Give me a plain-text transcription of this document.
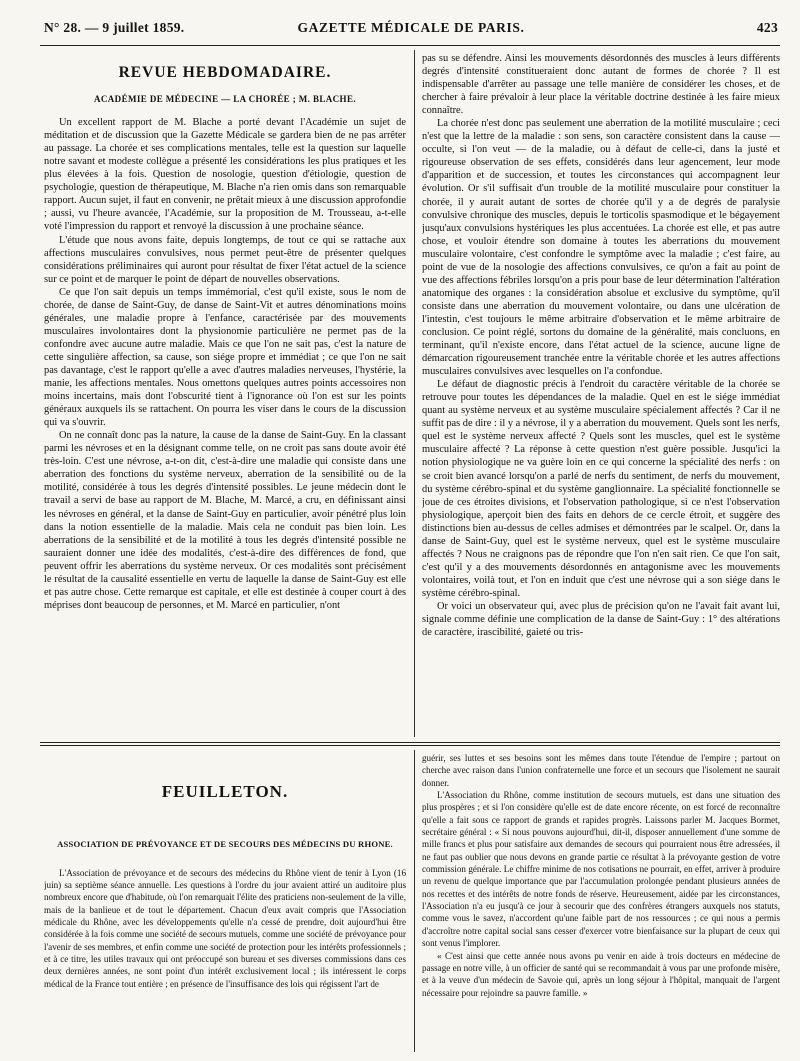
N° 28. — 9 juillet 1859.	GAZETTE MÉDICALE DE PARIS.	423
REVUE HEBDOMADAIRE.
ACADÉMIE DE MÉDECINE — LA CHORÉE ; M. BLACHE.

Un excellent rapport de M. Blache a porté devant l'Académie un sujet de méditation et de discussion que la Gazette Médicale se gardera bien de ne pas arrêter au passage. La chorée et ses complications mentales, telle est la question sur laquelle notre savant et modeste collègue a présenté les considérations les plus pratiques et les plus élevées à la fois. Question de nosologie, question d'étiologie, question de psychologie, question de thérapeutique, M. Blache n'a rien omis dans son remarquable rapport. Aucun sujet, il faut en convenir, ne prêtait mieux à une discussion approfondie ; aussi, vu l'heure avancée, l'Académie, sur la proposition de M. Trousseau, a-t-elle voté l'impression du rapport et renvoyé la discussion à une prochaine séance.

L'étude que nous avons faite, depuis longtemps, de tout ce qui se rattache aux affections musculaires convulsives, nous permet peut-être de présenter quelques considérations préliminaires qui auront pour résultat de fixer l'état actuel de la science sur ce point et de marquer le point de départ de nouvelles observations.

Ce que l'on sait depuis un temps immémorial, c'est qu'il existe, sous le nom de chorée, de danse de Saint-Guy, de danse de Saint-Vit et autres dénominations moins générales, une maladie propre à l'enfance, caractérisée par des mouvements musculaires involontaires dont la physionomie particulière ne permet pas de la confondre avec aucune autre maladie. Mais ce que l'on ne sait pas, c'est la nature de cette singulière affection, sa cause, son siége propre et immédiat ; ce que l'on ne sait pas davantage, c'est le rapport qu'elle a avec d'autres maladies nerveuses, l'hystérie, la manie, les affections mentales. Nous omettons quelques autres points accessoires non moins incertains, mais dont l'obscurité tient à l'ignorance où l'on est sur les points généraux auxquels ils se rattachent. On pourra les viser dans le cours de la discussion qui va s'ouvrir.

On ne connaît donc pas la nature, la cause de la danse de Saint-Guy. En la classant parmi les névroses et en la désignant comme telle, on ne croit pas sans doute avoir été très-loin. C'est une névrose, a-t-on dit, c'est-à-dire une maladie qui consiste dans une aberration des fonctions du système nerveux, aberration de la sensibilité ou de la motilité, considérée à tous les degrés d'intensité possibles. Le jeune médecin dont le travail a servi de base au rapport de M. Blache, M. Marcé, a cru, en définissant ainsi les névroses en général, et la danse de Saint-Guy en particulier, avoir pénétré plus loin dans la notion essentielle de la maladie. Mais cela ne conduit pas bien loin. Les aberrations de la sensibilité et de la motilité à tous les degrés d'intensité possible ne sauraient donner une idée des modalités, c'est-à-dire des différences de fond, que peuvent offrir les aberrations du système nerveux. Or ces modalités sont précisément le résultat de la causalité essentielle en vertu de laquelle la danse de Saint-Guy est elle et pas autre chose. Cette remarque est capitale, et elle est destinée à couper court à des méprises dont beaucoup de personnes, et M. Marcé en particulier, n'ont

pas su se défendre. Ainsi les mouvements désordonnés des muscles à leurs différents degrés d'intensité constitueraient donc autant de formes de chorée ? Il est indispensable d'arrêter au passage une telle manière de considérer les choses, et de chercher à faire prévaloir à leur place la véritable doctrine destinée à les faire mieux connaître.

La chorée n'est donc pas seulement une aberration de la motilité musculaire ; ceci n'est que la lettre de la maladie : son sens, son caractère consistent dans la cause — occulte, si l'on veut — de la maladie, ou à défaut de celle-ci, dans la justé et rigoureuse observation de ses effets, considérés dans leur agencement, leur mode d'apparition et de succession, et toutes les circonstances qui accompagnent leur évolution. Or s'il suffisait d'un trouble de la motilité musculaire pour constituer la chorée, il y aurait autant de sortes de chorée qu'il y a de degrés de paralysie convulsive chronique des muscles, depuis le torticolis spasmodique et le bégayement jusqu'aux convulsions hystériques les plus accentuées. La chorée est elle, et pas autre chose, et vouloir étendre son domaine à toutes les aberrations du mouvement musculaire volontaire, c'est confondre le symptôme avec la maladie ; c'est faire, au point de vue de la nosologie des affections convulsives, ce qu'on a fait au point de vue des affections fébriles lorsqu'on a pris pour base de leur détermination l'altération anatomique des organes : la considération absolue et exclusive du symptôme, qu'il consiste dans une aberration du mouvement volontaire, ou dans une ulcération de l'intestin, c'est toujours le même arbitraire d'observation et le même arbitraire de conclusion. Ce point réglé, sortons du domaine de la généralité, mais concluons, en terminant, qu'il n'existe encore, dans l'état actuel de la science, aucune ligne de démarcation rigoureusement tranchée entre la véritable chorée et les autres affections musculaires convulsives avec lesquelles on l'a confondue.

Le défaut de diagnostic précis à l'endroit du caractère véritable de la chorée se retrouve pour toutes les dépendances de la maladie. Quel en est le siége immédiat quant au système nerveux et au système musculaire spécialement affectés ? Car il ne suffit pas de dire : il y a névrose, il y a aberration du mouvement. Quels sont les nerfs, quel est le système nerveux affecté ? Quels sont les muscles, quel est le système musculaire affecté ? La réponse à cette question n'est guère possible. Jusqu'ici la notion physiologique ne va guère loin en ce qui concerne la spécialité des nerfs : on se croit bien avancé lorsqu'on a parlé de nerfs du sentiment, de nerfs du mouvement, du système cérébro-spinal et du système ganglionnaire. La spécialité fonctionnelle se joue de ces étroites divisions, et l'observation pathologique, si ce n'est l'observation physiologique, aperçoit bien des faits en dehors de ce cercle étroit, et suggère des distinctions bien au-dessus de celles admises et démontrées par le scalpel. Or, dans la danse de Saint-Guy, quel est le système nerveux, quel est le système musculaire affectés ? Nous ne craignons pas de répondre que l'on n'en sait rien. Ce que l'on sait, c'est qu'il y a des mouvements désordonnés en antagonisme avec les mouvements volontaires, voilà tout, et l'on en induit que c'est une névrose qui a son siége dans le système cérébro-spinal.

Or voici un observateur qui, avec plus de précision qu'on ne l'avait fait avant lui, signale comme définie une complication de la danse de Saint-Guy : 1° des altérations de caractère, irascibilité, gaieté ou tris-

FEUILLETON.
ASSOCIATION DE PRÉVOYANCE ET DE SECOURS DES MÉDECINS DU RHONE.

L'Association de prévoyance et de secours des médecins du Rhône vient de tenir à Lyon (16 juin) sa septième séance annuelle. Les questions à l'ordre du jour avaient attiré un auditoire plus nombreux encore que d'habitude, où l'on remarquait l'élite des praticiens non-seulement de la ville, mais de la banlieue et de tout le département. Chacun d'eux avait compris que l'Association médicale du Rhône, avec les développements qu'elle n'a cessé de prendre, doit aujourd'hui être considérée à la fois comme une société de secours mutuels, comme une société de prévoyance pour l'avenir de ses membres, et enfin comme une société de protection pour les intérêts professionnels ; et à ce titre, les utiles travaux qui ont préoccupé son bureau et ses diverses commissions dans ces deux dernières années, ne sont point d'un intérêt exclusivement local ; ils intéressent le corps médical de la France tout entière ; en présence de l'insuffisance des lois qui régissent l'art de

guérir, ses luttes et ses besoins sont les mêmes dans toute l'étendue de l'empire ; partout on cherche avec raison dans l'union confraternelle une force et un secours que l'isolement ne saurait donner.

L'Association du Rhône, comme institution de secours mutuels, est dans une situation des plus prospères ; et si l'on considère qu'elle est de date encore récente, on est forcé de reconnaître qu'elle a fait sous ce rapport de grands et rapides progrès. Laissons parler M. Jacques Bormet, secrétaire général : « Si nous pouvons aujourd'hui, dit-il, disposer annuellement d'une somme de mille francs et plus pour satisfaire aux demandes de secours qui pourraient nous être adressées, il ne faut pas oublier que nous devons en grande partie ce résultat à la prévoyante gestion de votre commission générale. Le chiffre minime de nos cotisations ne pourrait, en effet, arriver à produire un revenu de quelque importance que par l'accumulation prolongée pendant plusieurs années de nos recettes et des intérêts de notre fonds de réserve. Heureusement, aidée par les circonstances, l'Association n'a eu jusqu'à ce jour à secourir que des confrères étrangers auxquels nos statuts, comme vous le savez, n'accordent qu'une faible part de nos ressources ; ce qui nous a permis d'accroître notre capital social sans cesser d'exercer votre bienfaisance sur la plupart de ceux qui sont venus l'implorer.

« C'est ainsi que cette année nous avons pu venir en aide à trois docteurs en médecine de passage en notre ville, à un officier de santé qui se recommandait à vous par une profonde misère, et à la veuve d'un médecin de Savoie qui, après un long séjour à l'hôpital, manquait de l'argent nécessaire pour rejoindre sa pauvre famille. »
